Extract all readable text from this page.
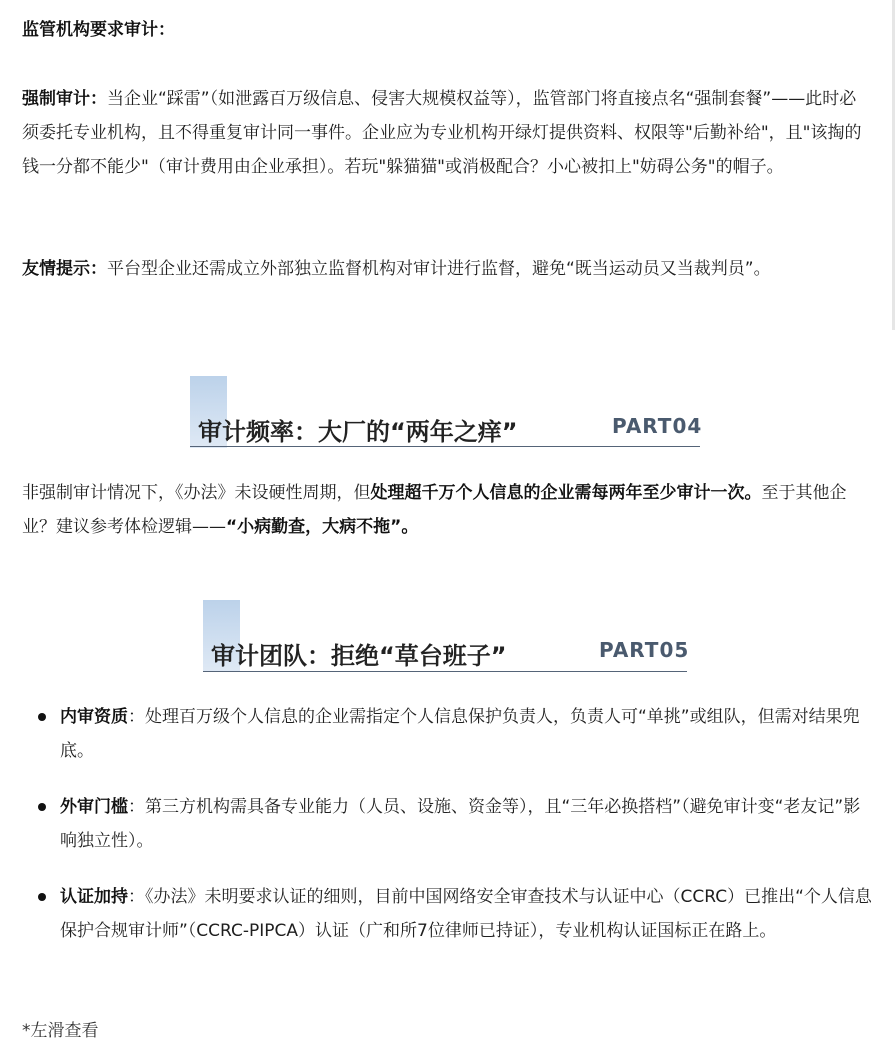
监管机构要求审计：

强制审计：当企业“踩雷”（如泄露百万级信息、侵害大规模权益等），监管部门将直接点名“强制套餐”——此时必须委托专业机构，且不得重复审计同一事件。企业应为专业机构开绿灯提供资料、权限等"后勤补给"，且"该掏的钱一分都不能少"（审计费用由企业承担）。若玩"躲猫猫"或消极配合？小心被扣上"妨碍公务"的帽子。

友情提示：平台型企业还需成立外部独立监督机构对审计进行监督，避免“既当运动员又当裁判员”。

审计频率：大厂的“两年之痒”	PART04

非强制审计情况下，《办法》未设硬性周期，但处理超千万个人信息的企业需每两年至少审计一次。至于其他企业？建议参考体检逻辑——“小病勤查，大病不拖”。

审计团队：拒绝“草台班子”	PART05
内审资质：处理百万级个人信息的企业需指定个人信息保护负责人，负责人可“单挑”或组队，但需对结果兜底。
外审门槛：第三方机构需具备专业能力（人员、设施、资金等），且“三年必换搭档”（避免审计变“老友记”影响独立性）。
认证加持：《办法》未明要求认证的细则，目前中国网络安全审查技术与认证中心（CCRC）已推出“个人信息保护合规审计师”（CCRC-PIPCA）认证（广和所7位律师已持证），专业机构认证国标正在路上。
*左滑查看
